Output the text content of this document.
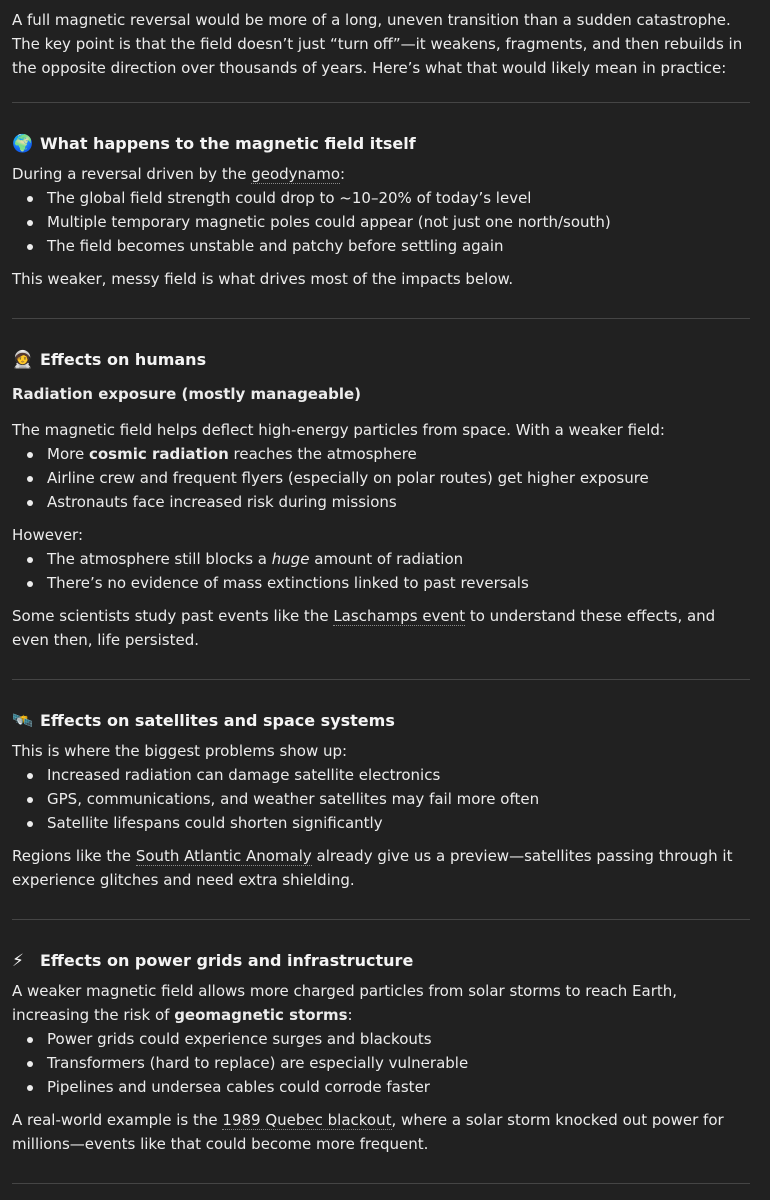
A full magnetic reversal would be more of a long, uneven transition than a sudden catastrophe. The key point is that the field doesn’t just “turn off”—it weakens, fragments, and then rebuilds in the opposite direction over thousands of years. Here’s what that would likely mean in practice:

🌍 What happens to the magnetic field itself

During a reversal driven by the geodynamo:

The global field strength could drop to ~10–20% of today’s level
Multiple temporary magnetic poles could appear (not just one north/south)
The field becomes unstable and patchy before settling again

This weaker, messy field is what drives most of the impacts below.

🧑‍🚀 Effects on humans
Radiation exposure (mostly manageable)

The magnetic field helps deflect high-energy particles from space. With a weaker field:

More cosmic radiation reaches the atmosphere
Airline crew and frequent flyers (especially on polar routes) get higher exposure
Astronauts face increased risk during missions

However:

The atmosphere still blocks a huge amount of radiation
There’s no evidence of mass extinctions linked to past reversals

Some scientists study past events like the Laschamps event to understand these effects, and even then, life persisted.

🛰️ Effects on satellites and space systems

This is where the biggest problems show up:

Increased radiation can damage satellite electronics
GPS, communications, and weather satellites may fail more often
Satellite lifespans could shorten significantly

Regions like the South Atlantic Anomaly already give us a preview—satellites passing through it experience glitches and need extra shielding.

⚡ Effects on power grids and infrastructure

A weaker magnetic field allows more charged particles from solar storms to reach Earth, increasing the risk of geomagnetic storms:

Power grids could experience surges and blackouts
Transformers (hard to replace) are especially vulnerable
Pipelines and undersea cables could corrode faster

A real-world example is the 1989 Quebec blackout, where a solar storm knocked out power for millions—events like that could become more frequent.
